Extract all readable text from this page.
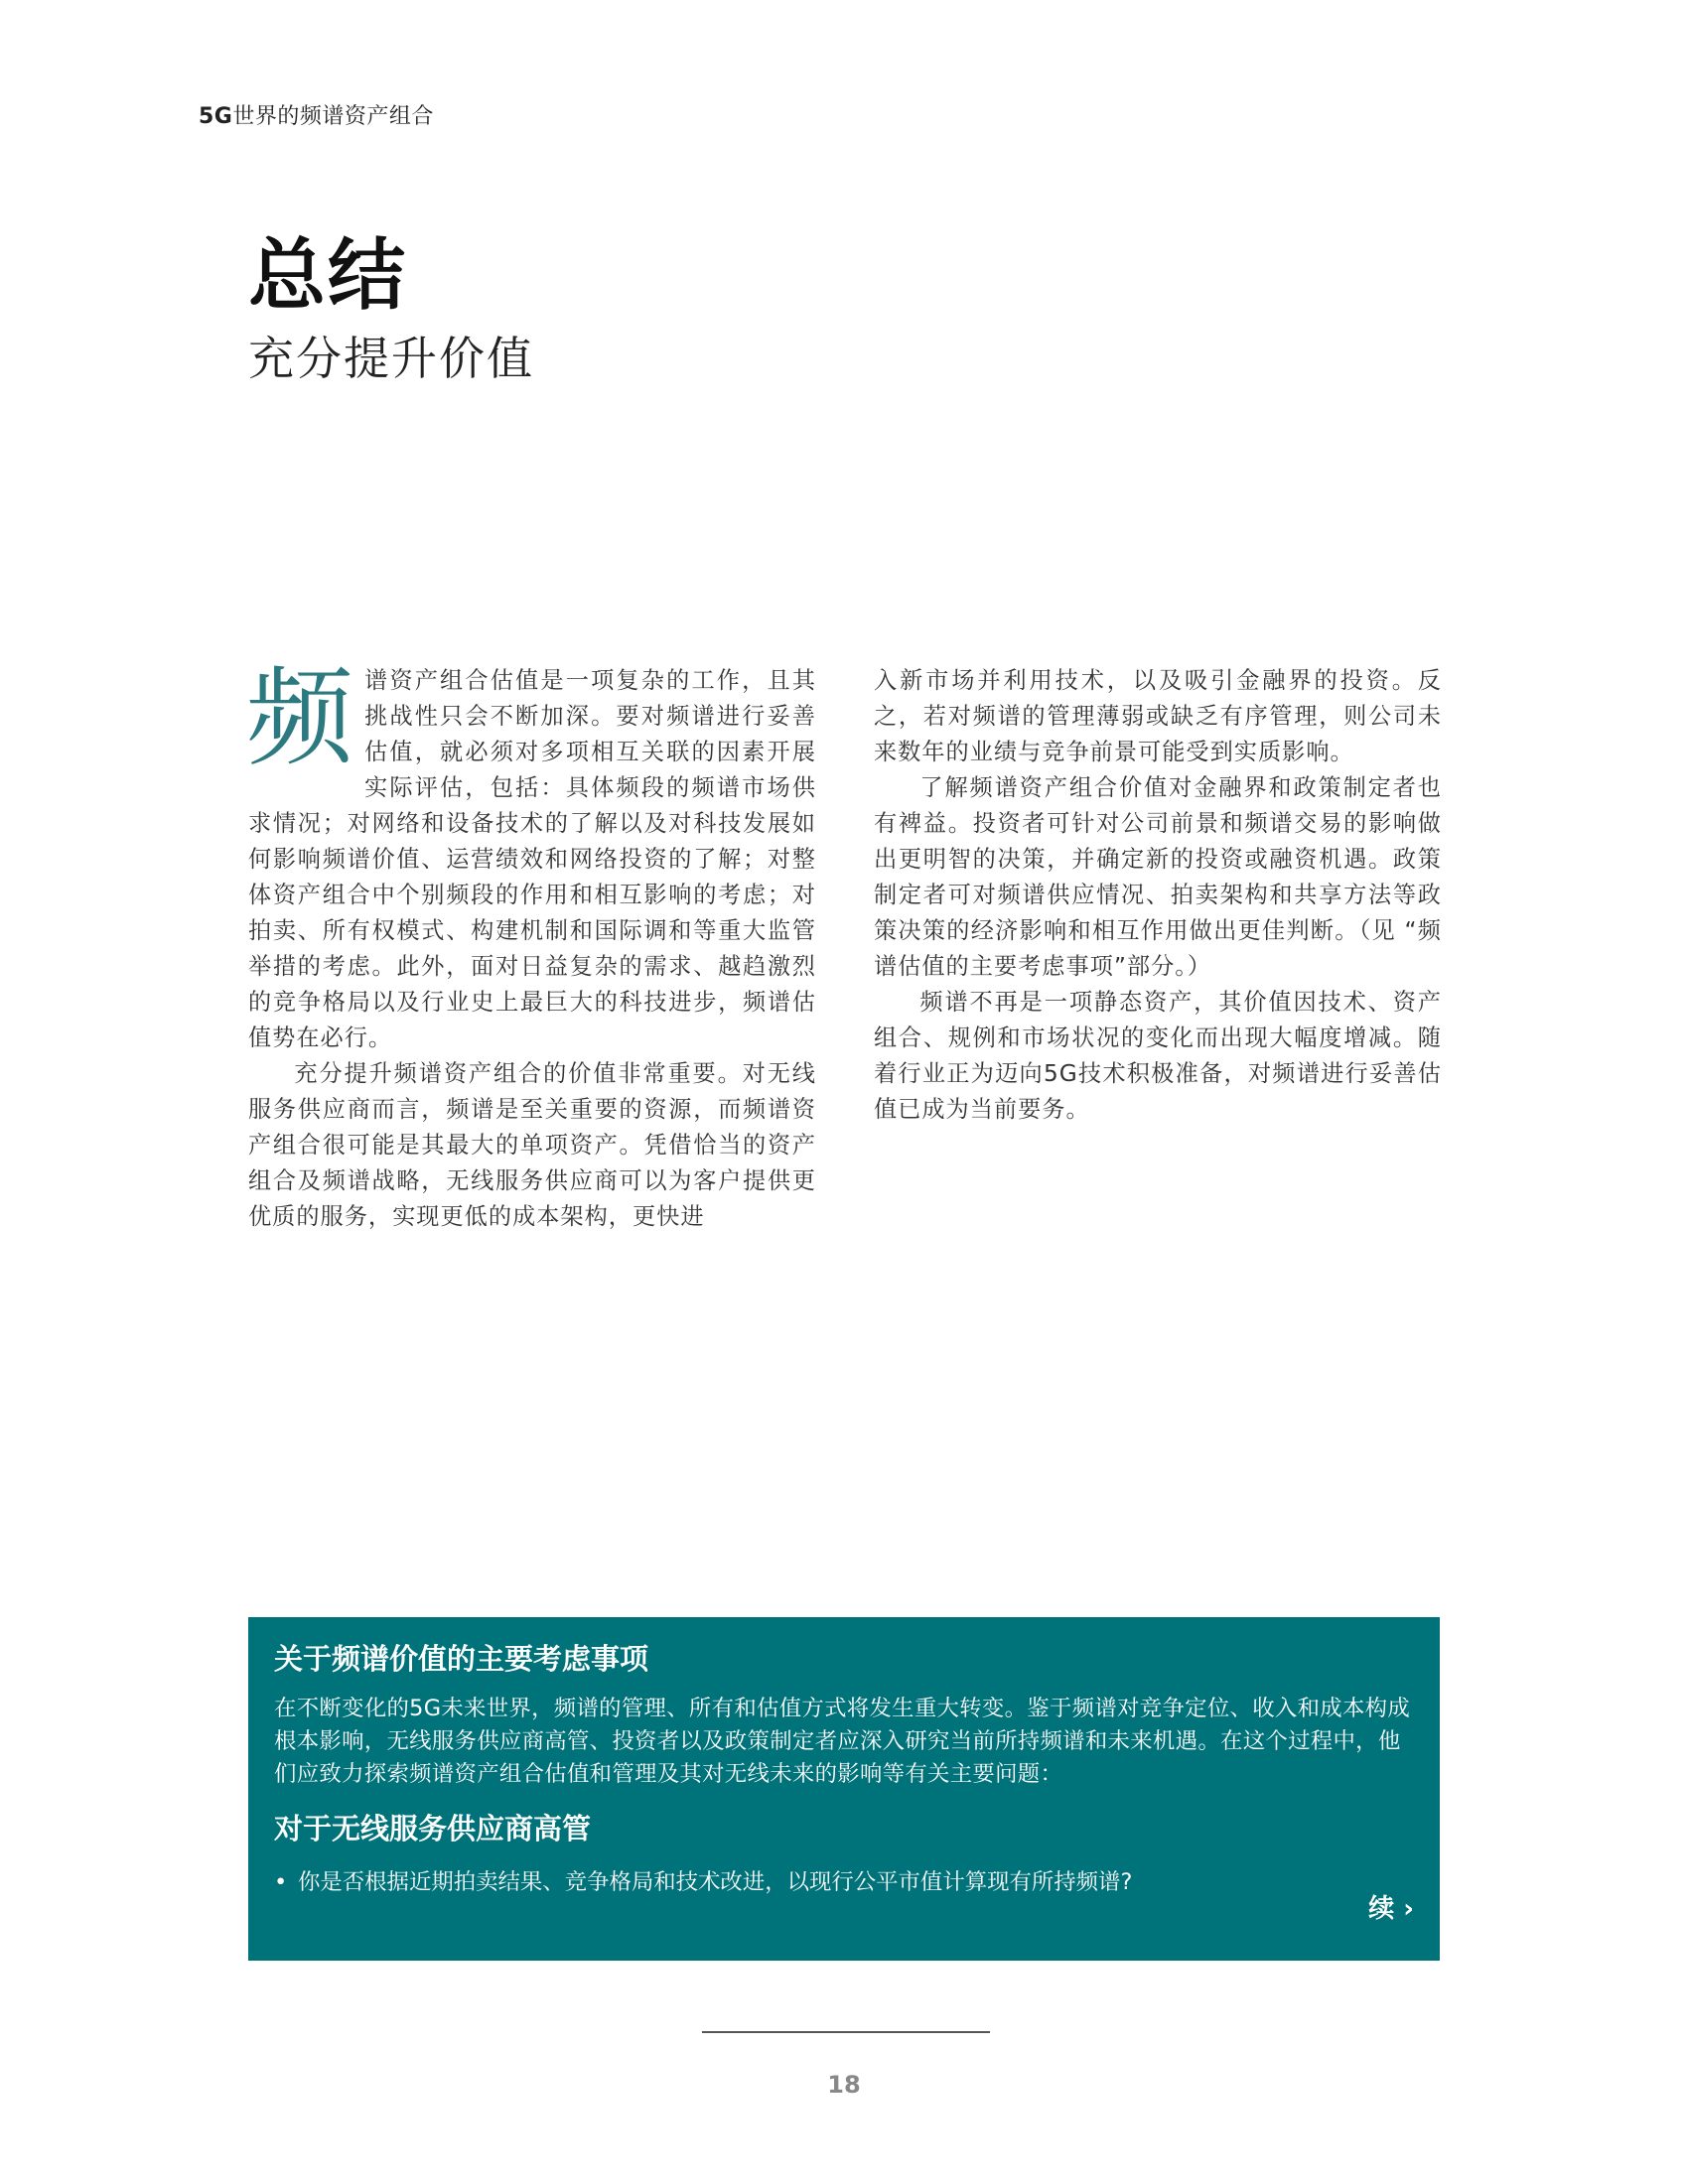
5G世界的频谱资产组合
总结
充分提升价值

频谱资产组合估值是一项复杂的工作，且其挑战性只会不断加深。要对频谱进行妥善估值，就必须对多项相互关联的因素开展实际评估，包括：具体频段的频谱市场供求情况；对网络和设备技术的了解以及对科技发展如何影响频谱价值、运营绩效和网络投资的了解；对整体资产组合中个别频段的作用和相互影响的考虑；对拍卖、所有权模式、构建机制和国际调和等重大监管举措的考虑。此外，面对日益复杂的需求、越趋激烈的竞争格局以及行业史上最巨大的科技进步，频谱估值势在必行。

充分提升频谱资产组合的价值非常重要。对无线服务供应商而言，频谱是至关重要的资源，而频谱资产组合很可能是其最大的单项资产。凭借恰当的资产组合及频谱战略，无线服务供应商可以为客户提供更优质的服务，实现更低的成本架构，更快进

入新市场并利用技术，以及吸引金融界的投资。反之，若对频谱的管理薄弱或缺乏有序管理，则公司未来数年的业绩与竞争前景可能受到实质影响。

了解频谱资产组合价值对金融界和政策制定者也有裨益。投资者可针对公司前景和频谱交易的影响做出更明智的决策，并确定新的投资或融资机遇。政策制定者可对频谱供应情况、拍卖架构和共享方法等政策决策的经济影响和相互作用做出更佳判断。（见 “频谱估值的主要考虑事项”部分。）

频谱不再是一项静态资产，其价值因技术、资产组合、规例和市场状况的变化而出现大幅度增减。随着行业正为迈向5G技术积极准备，对频谱进行妥善估值已成为当前要务。

关于频谱价值的主要考虑事项

在不断变化的5G未来世界，频谱的管理、所有和估值方式将发生重大转变。鉴于频谱对竞争定位、收入和成本构成根本影响，无线服务供应商高管、投资者以及政策制定者应深入研究当前所持频谱和未来机遇。在这个过程中，他们应致力探索频谱资产组合估值和管理及其对无线未来的影响等有关主要问题：

对于无线服务供应商高管

• 你是否根据近期拍卖结果、竞争格局和技术改进，以现行公平市值计算现有所持频谱?
续 ›
18
